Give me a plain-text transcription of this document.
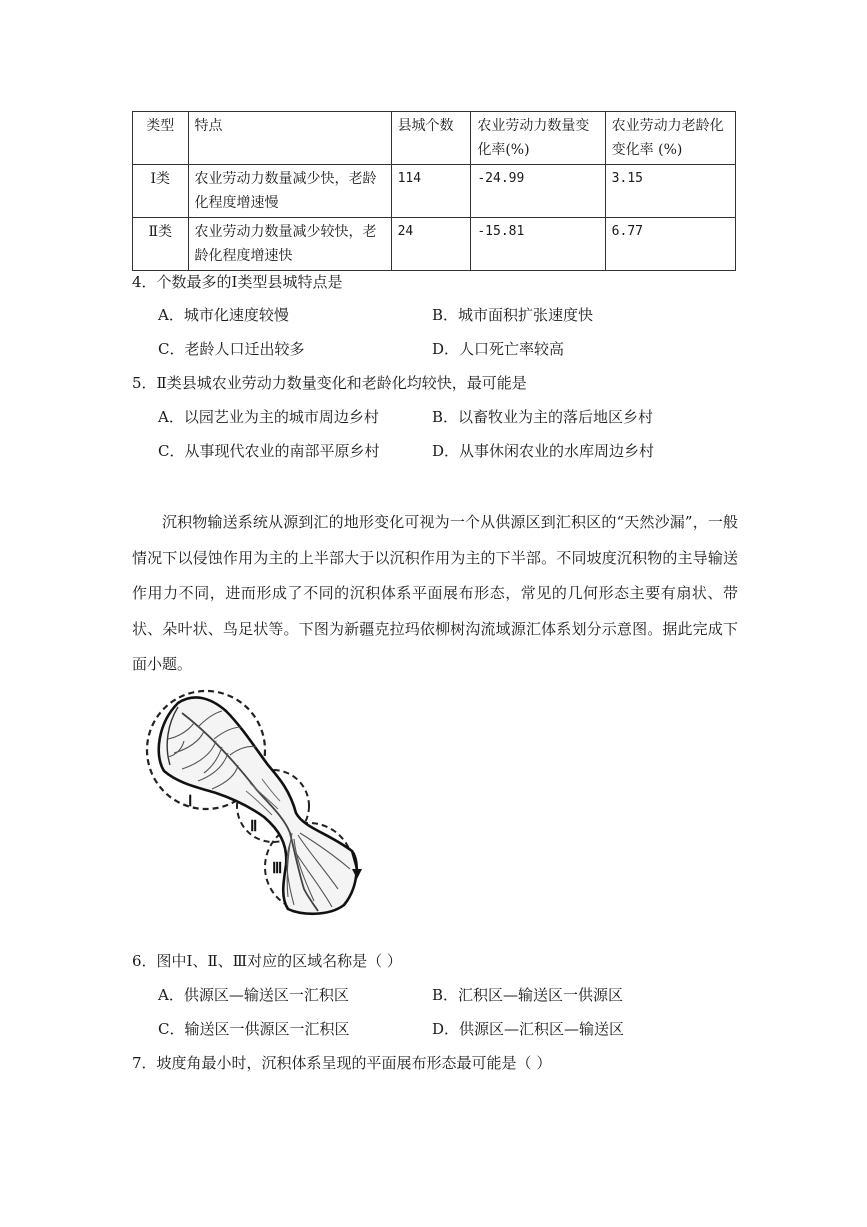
类型	特点	县城个数	农业劳动力数量变化率(%)	农业劳动力老龄化变化率 (%)
Ⅰ类	农业劳动力数量减少快，老龄化程度增速慢	114	-24.99	3.15
Ⅱ类	农业劳动力数量减少较快，老龄化程度增速快	24	-15.81	6.77
4．个数最多的Ⅰ类型县城特点是
A．城市化速度较慢	B．城市面积扩张速度快
C．老龄人口迁出较多	D．人口死亡率较高
5．Ⅱ类县城农业劳动力数量变化和老龄化均较快，最可能是
A．以园艺业为主的城市周边乡村	B．以畜牧业为主的落后地区乡村
C．从事现代农业的南部平原乡村	D．从事休闲农业的水库周边乡村

沉积物输送系统从源到汇的地形变化可视为一个从供源区到汇积区的“天然沙漏”，一般情况下以侵蚀作用为主的上半部大于以沉积作用为主的下半部。不同坡度沉积物的主导输送作用力不同，进而形成了不同的沉积体系平面展布形态，常见的几何形态主要有扇状、带状、朵叶状、鸟足状等。下图为新疆克拉玛依柳树沟流域源汇体系划分示意图。据此完成下面小题。

Ⅰ
Ⅱ
Ⅲ
6．图中Ⅰ、Ⅱ、Ⅲ对应的区域名称是（ ）
A．供源区—输送区一汇积区	B．汇积区—输送区一供源区
C．输送区一供源区一汇积区	D．供源区—汇积区—输送区
7．坡度角最小时，沉积体系呈现的平面展布形态最可能是（ ）
